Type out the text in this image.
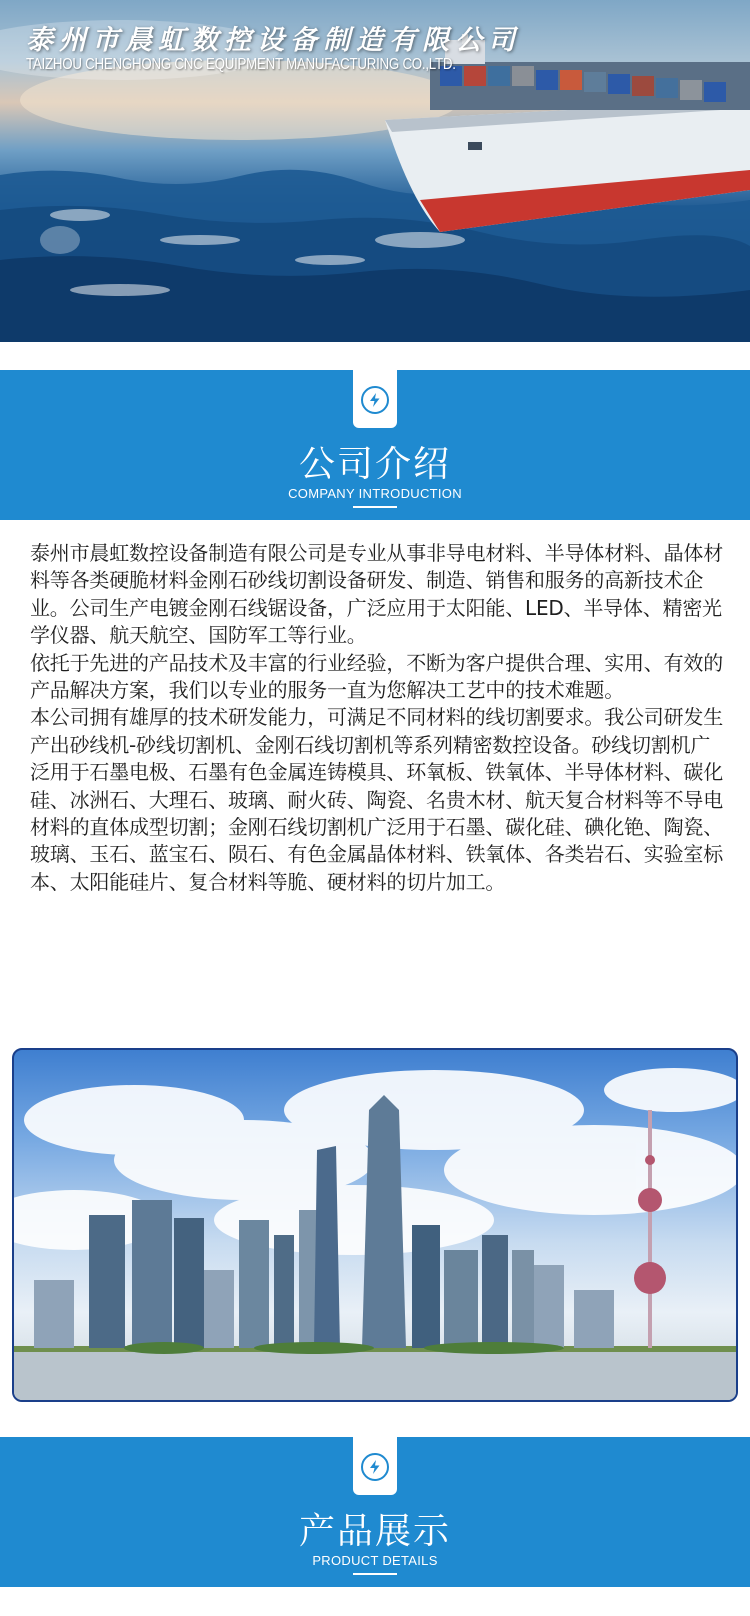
泰州市晨虹数控设备制造有限公司
TAIZHOU CHENGHONG CNC EQUIPMENT MANUFACTURING CO.,LTD.
公司介绍
COMPANY INTRODUCTION

泰州市晨虹数控设备制造有限公司是专业从事非导电材料、半导体材料、晶体材料等各类硬脆材料金刚石砂线切割设备研发、制造、销售和服务的高新技术企业。公司生产电镀金刚石线锯设备，广泛应用于太阳能、LED、半导体、精密光学仪器、航天航空、国防军工等行业。

依托于先进的产品技术及丰富的行业经验，不断为客户提供合理、实用、有效的产品解决方案，我们以专业的服务一直为您解决工艺中的技术难题。

本公司拥有雄厚的技术研发能力，可满足不同材料的线切割要求。我公司研发生产出砂线机-砂线切割机、金刚石线切割机等系列精密数控设备。砂线切割机广泛用于石墨电极、石墨有色金属连铸模具、环氧板、铁氧体、半导体材料、碳化硅、冰洲石、大理石、玻璃、耐火砖、陶瓷、名贵木材、航天复合材料等不导电材料的直体成型切割；金刚石线切割机广泛用于石墨、碳化硅、碘化铯、陶瓷、玻璃、玉石、蓝宝石、陨石、有色金属晶体材料、铁氧体、各类岩石、实验室标本、太阳能硅片、复合材料等脆、硬材料的切片加工。

产品展示
PRODUCT DETAILS
